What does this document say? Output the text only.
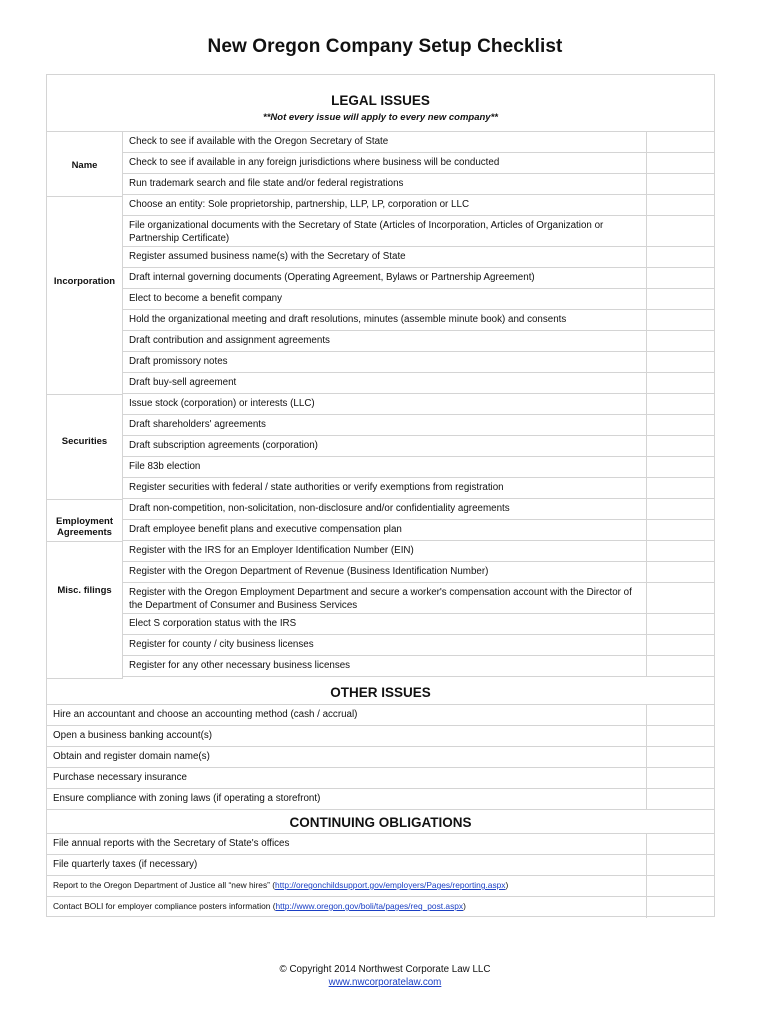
New Oregon Company Setup Checklist
LEGAL ISSUES
**Not every issue will apply to every new company**
Name
Incorporation
Securities
Employment
Agreements
Misc. filings
Check to see if available with the Oregon Secretary of State
Check to see if available in any foreign jurisdictions where business will be conducted
Run trademark search and file state and/or federal registrations
Choose an entity: Sole proprietorship, partnership, LLP, LP, corporation or LLC
File organizational documents with the Secretary of State (Articles of Incorporation, Articles of Organization or Partnership Certificate)
Register assumed business name(s) with the Secretary of State
Draft internal governing documents (Operating Agreement, Bylaws or Partnership Agreement)
Elect to become a benefit company
Hold the organizational meeting and draft resolutions, minutes (assemble minute book) and consents
Draft contribution and assignment agreements
Draft promissory notes
Draft buy-sell agreement
Issue stock (corporation) or interests (LLC)
Draft shareholders' agreements
Draft subscription agreements (corporation)
File 83b election
Register securities with federal / state authorities or verify exemptions from registration
Draft non-competition, non-solicitation, non-disclosure and/or confidentiality agreements
Draft employee benefit plans and executive compensation plan
Register with the IRS for an Employer Identification Number (EIN)
Register with the Oregon Department of Revenue (Business Identification Number)
Register with the Oregon Employment Department and secure a worker's compensation account with the Director of the Department of Consumer and Business Services
Elect S corporation status with the IRS
Register for county / city business licenses
Register for any other necessary business licenses
OTHER ISSUES
Hire an accountant and choose an accounting method (cash / accrual)
Open a business banking account(s)
Obtain and register domain name(s)
Purchase necessary insurance
Ensure compliance with zoning laws (if operating a storefront)
CONTINUING OBLIGATIONS
File annual reports with the Secretary of State's offices
File quarterly taxes (if necessary)
Report to the Oregon Department of Justice all “new hires” (http://oregonchildsupport.gov/employers/Pages/reporting.aspx)
Contact BOLI for employer compliance posters information (http://www.oregon.gov/boli/ta/pages/req_post.aspx)
© Copyright 2014 Northwest Corporate Law LLC
www.nwcorporatelaw.com
